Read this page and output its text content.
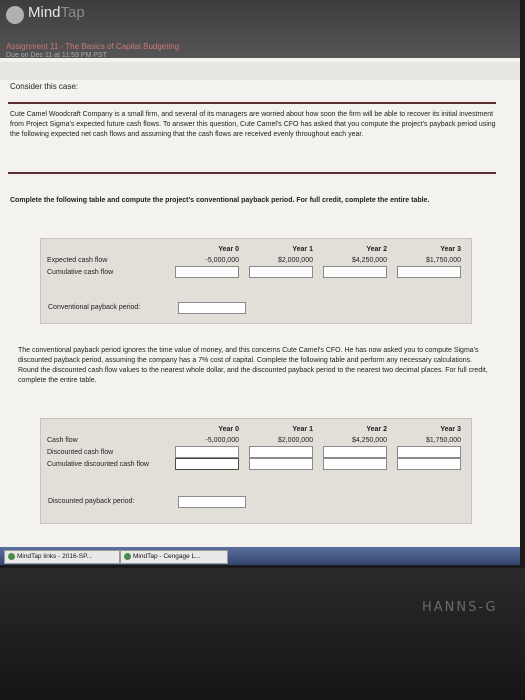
MindTap
Assignment 11 - The Basics of Capital Budgeting
Due on Dec 11 at 11:59 PM PST
Consider this case:
Cute Camel Woodcraft Company is a small firm, and several of its managers are worried about how soon the firm will be able to recover its initial investment from Project Sigma's expected future cash flows. To answer this question, Cute Camel's CFO has asked that you compute the project's payback period using the following expected net cash flows and assuming that the cash flows are received evenly throughout each year.
Complete the following table and compute the project's conventional payback period. For full credit, complete the entire table.
	Year 0	Year 1	Year 2	Year 3
Expected cash flow	-5,000,000	$2,000,000	$4,250,000	$1,750,000
Cumulative cash flow				
Conventional payback period:
The conventional payback period ignores the time value of money, and this concerns Cute Camel's CFO. He has now asked you to compute Sigma's discounted payback period, assuming the company has a 7% cost of capital. Complete the following table and perform any necessary calculations. Round the discounted cash flow values to the nearest whole dollar, and the discounted payback period to the nearest two decimal places. For full credit, complete the entire table.
	Year 0	Year 1	Year 2	Year 3
Cash flow	-5,000,000	$2,000,000	$4,250,000	$1,750,000
Discounted cash flow				
Cumulative discounted cash flow				
Discounted payback period:
MindTap links - 2016-SP...	MindTap - Cengage L...
HANNS-G
